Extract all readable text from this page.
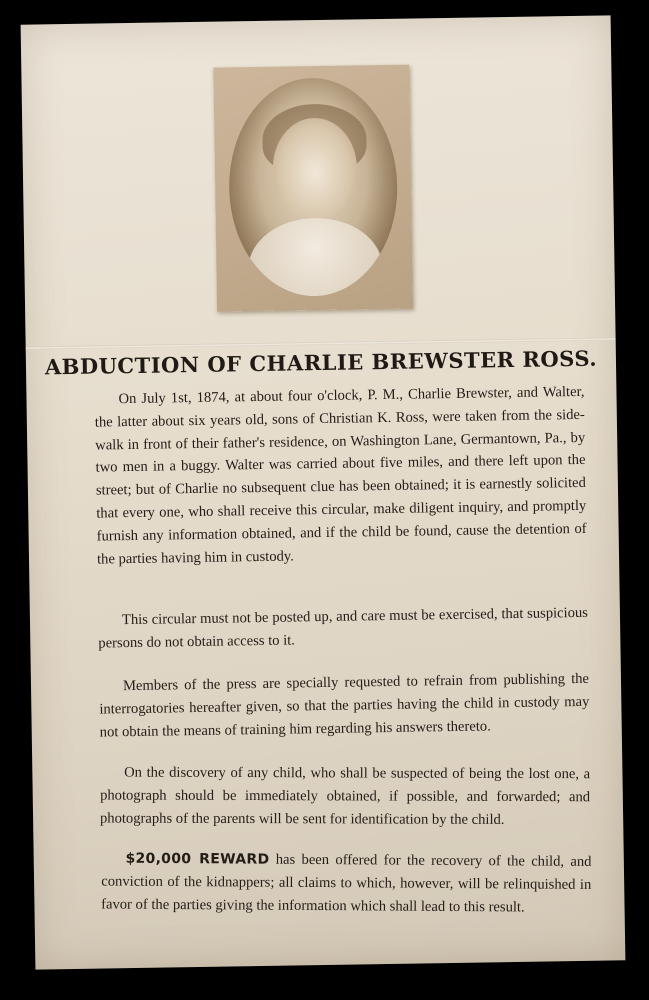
ABDUCTION OF CHARLIE BREWSTER ROSS.
On July 1st, 1874, at about four o'clock, P. M., Charlie Brewster, and Walter, the latter about six years old, sons of Christian K. Ross, were taken from the side-walk in front of their father's residence, on Washington Lane, Germantown, Pa., by two men in a buggy. Walter was carried about five miles, and there left upon the street; but of Charlie no subsequent clue has been obtained; it is earnestly solicited that every one, who shall receive this circular, make diligent inquiry, and promptly furnish any information obtained, and if the child be found, cause the detention of the parties having him in custody.
This circular must not be posted up, and care must be exercised, that suspicious persons do not obtain access to it.
Members of the press are specially requested to refrain from publishing the interrogatories hereafter given, so that the parties having the child in custody may not obtain the means of training him regarding his answers thereto.
On the discovery of any child, who shall be suspected of being the lost one, a photograph should be immediately obtained, if possible, and forwarded; and photographs of the parents will be sent for identification by the child.
$20,000 REWARD has been offered for the recovery of the child, and conviction of the kidnappers; all claims to which, however, will be relinquished in favor of the parties giving the information which shall lead to this result.
